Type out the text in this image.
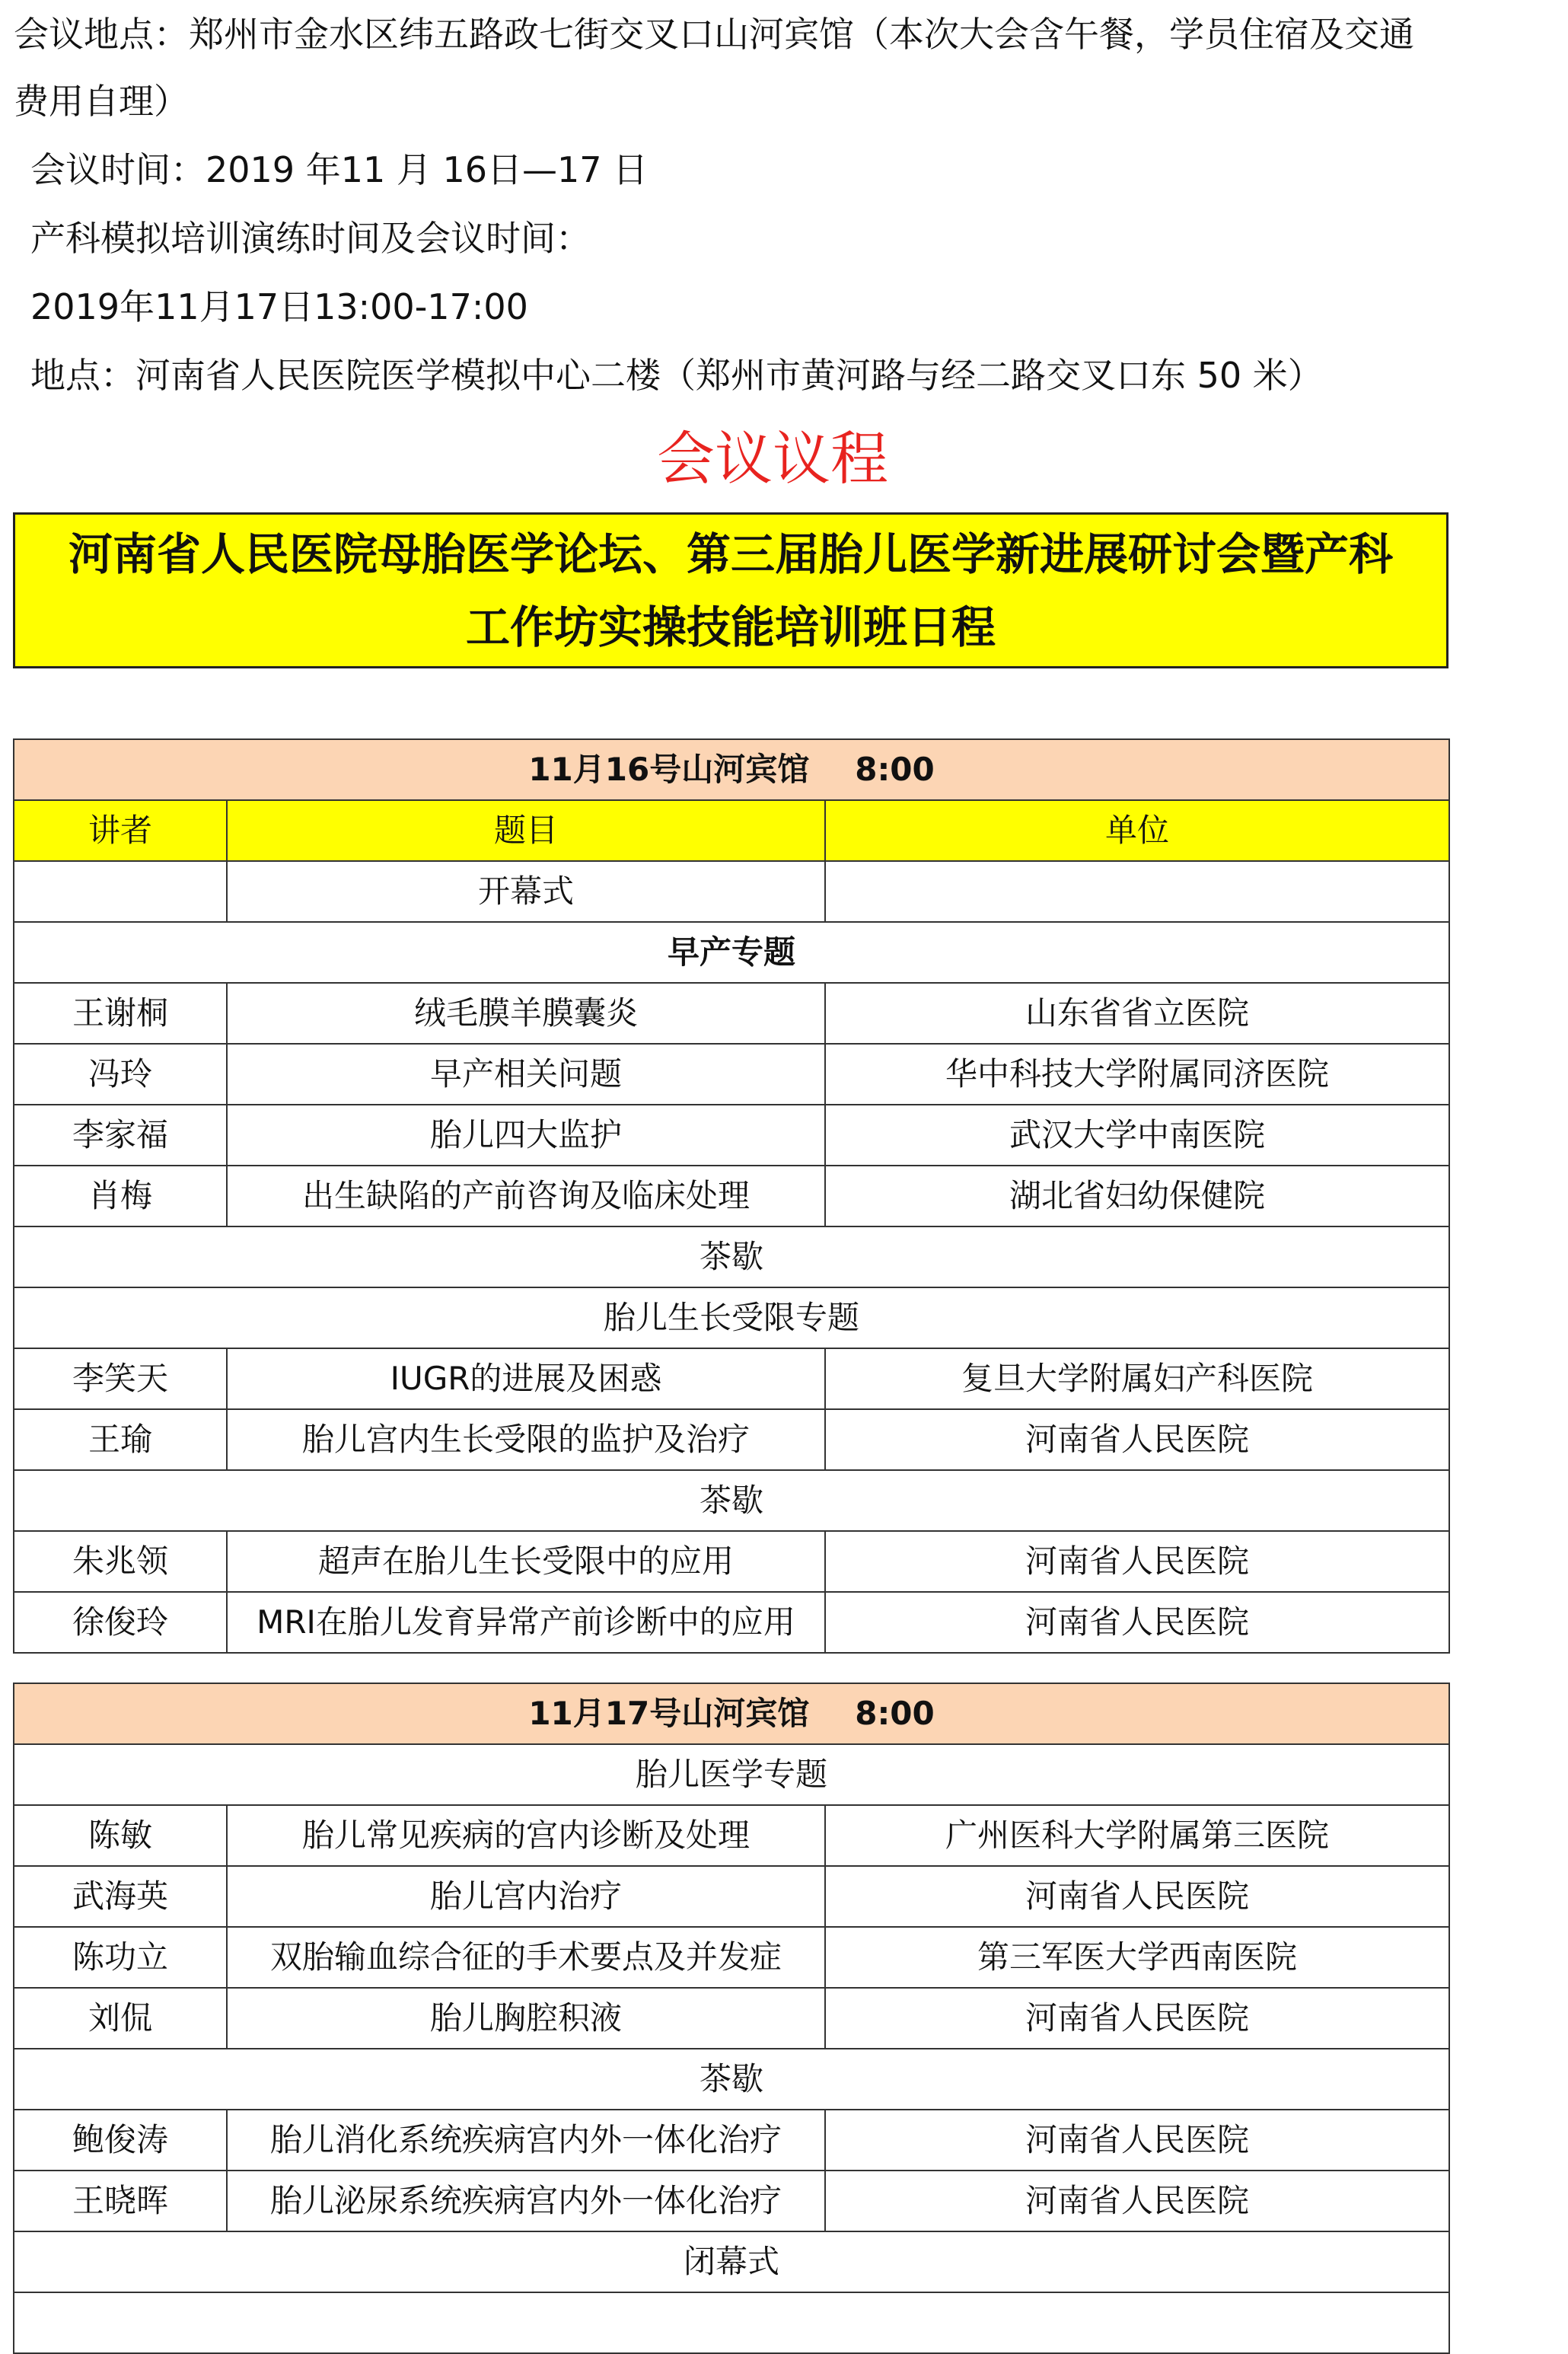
会议地点：郑州市金水区纬五路政七街交叉口山河宾馆（本次大会含午餐，学员住宿及交通
费用自理）
会议时间：2019 年11 月 16日—17 日
产科模拟培训演练时间及会议时间：
2019年11月17日13:00-17:00
地点：河南省人民医院医学模拟中心二楼（郑州市黄河路与经二路交叉口东 50 米）
会议议程
河南省人民医院母胎医学论坛、第三届胎儿医学新进展研讨会暨产科
工作坊实操技能培训班日程
11月16号山河宾馆 8:00		
讲者	题目	单位
	开幕式	
早产专题		
王谢桐	绒毛膜羊膜囊炎	山东省省立医院
冯玲	早产相关问题	华中科技大学附属同济医院
李家福	胎儿四大监护	武汉大学中南医院
肖梅	出生缺陷的产前咨询及临床处理	湖北省妇幼保健院
茶歇		
胎儿生长受限专题		
李笑天	IUGR的进展及困惑	复旦大学附属妇产科医院
王瑜	胎儿宫内生长受限的监护及治疗	河南省人民医院
茶歇		
朱兆领	超声在胎儿生长受限中的应用	河南省人民医院
徐俊玲	MRI在胎儿发育异常产前诊断中的应用	河南省人民医院
11月17号山河宾馆 8:00		
胎儿医学专题		
陈敏	胎儿常见疾病的宫内诊断及处理	广州医科大学附属第三医院
武海英	胎儿宫内治疗	河南省人民医院
陈功立	双胎输血综合征的手术要点及并发症	第三军医大学西南医院
刘侃	胎儿胸腔积液	河南省人民医院
茶歇		
鲍俊涛	胎儿消化系统疾病宫内外一体化治疗	河南省人民医院
王晓晖	胎儿泌尿系统疾病宫内外一体化治疗	河南省人民医院
闭幕式		
